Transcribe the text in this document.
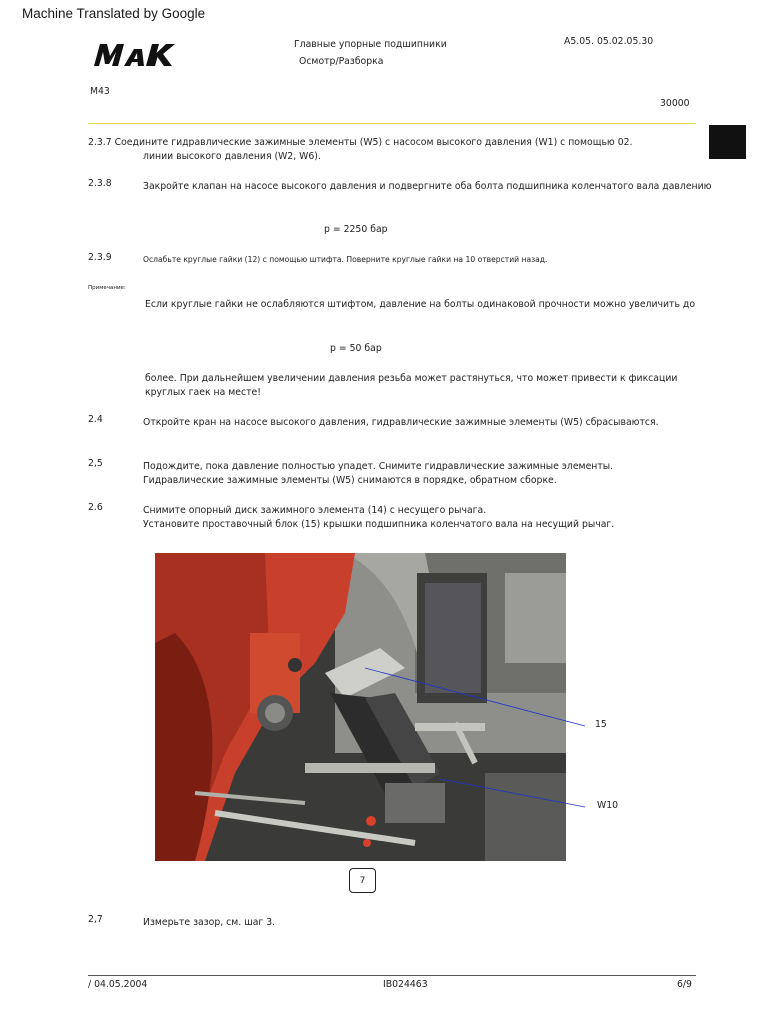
Machine Translated by Google
Главные упорные подшипники
Осмотр/Разборка
A5.05. 05.02.05.30
M43
30000
2.3.7 Соедините гидравлические зажимные элементы (W5) с насосом высокого давления (W1) с помощью 02.
линии высокого давления (W2, W6).
2.3.8	Закройте клапан на насосе высокого давления и подвергните оба болта подшипника коленчатого вала давлению
p = 2250 бар
2.3.9	Ослабьте круглые гайки (12) с помощью штифта. Поверните круглые гайки на 10 отверстий назад.
Примечание:
Если круглые гайки не ослабляются штифтом, давление на болты одинаковой прочности можно увеличить до
p = 50 бар
более. При дальнейшем увеличении давления резьба может растянуться, что может привести к фиксации
круглых гаек на месте!
2.4	Откройте кран на насосе высокого давления, гидравлические зажимные элементы (W5) сбрасываются.
2,5	Подождите, пока давление полностью упадет. Снимите гидравлические зажимные элементы.
Гидравлические зажимные элементы (W5) снимаются в порядке, обратном сборке.
2.6	Снимите опорный диск зажимного элемента (14) с несущего рычага.
Установите проставочный блок (15) крышки подшипника коленчатого вала на несущий рычаг.
15
W10
7
2,7	Измерьте зазор, см. шаг 3.
/ 04.05.2004	IB024463	6/9
